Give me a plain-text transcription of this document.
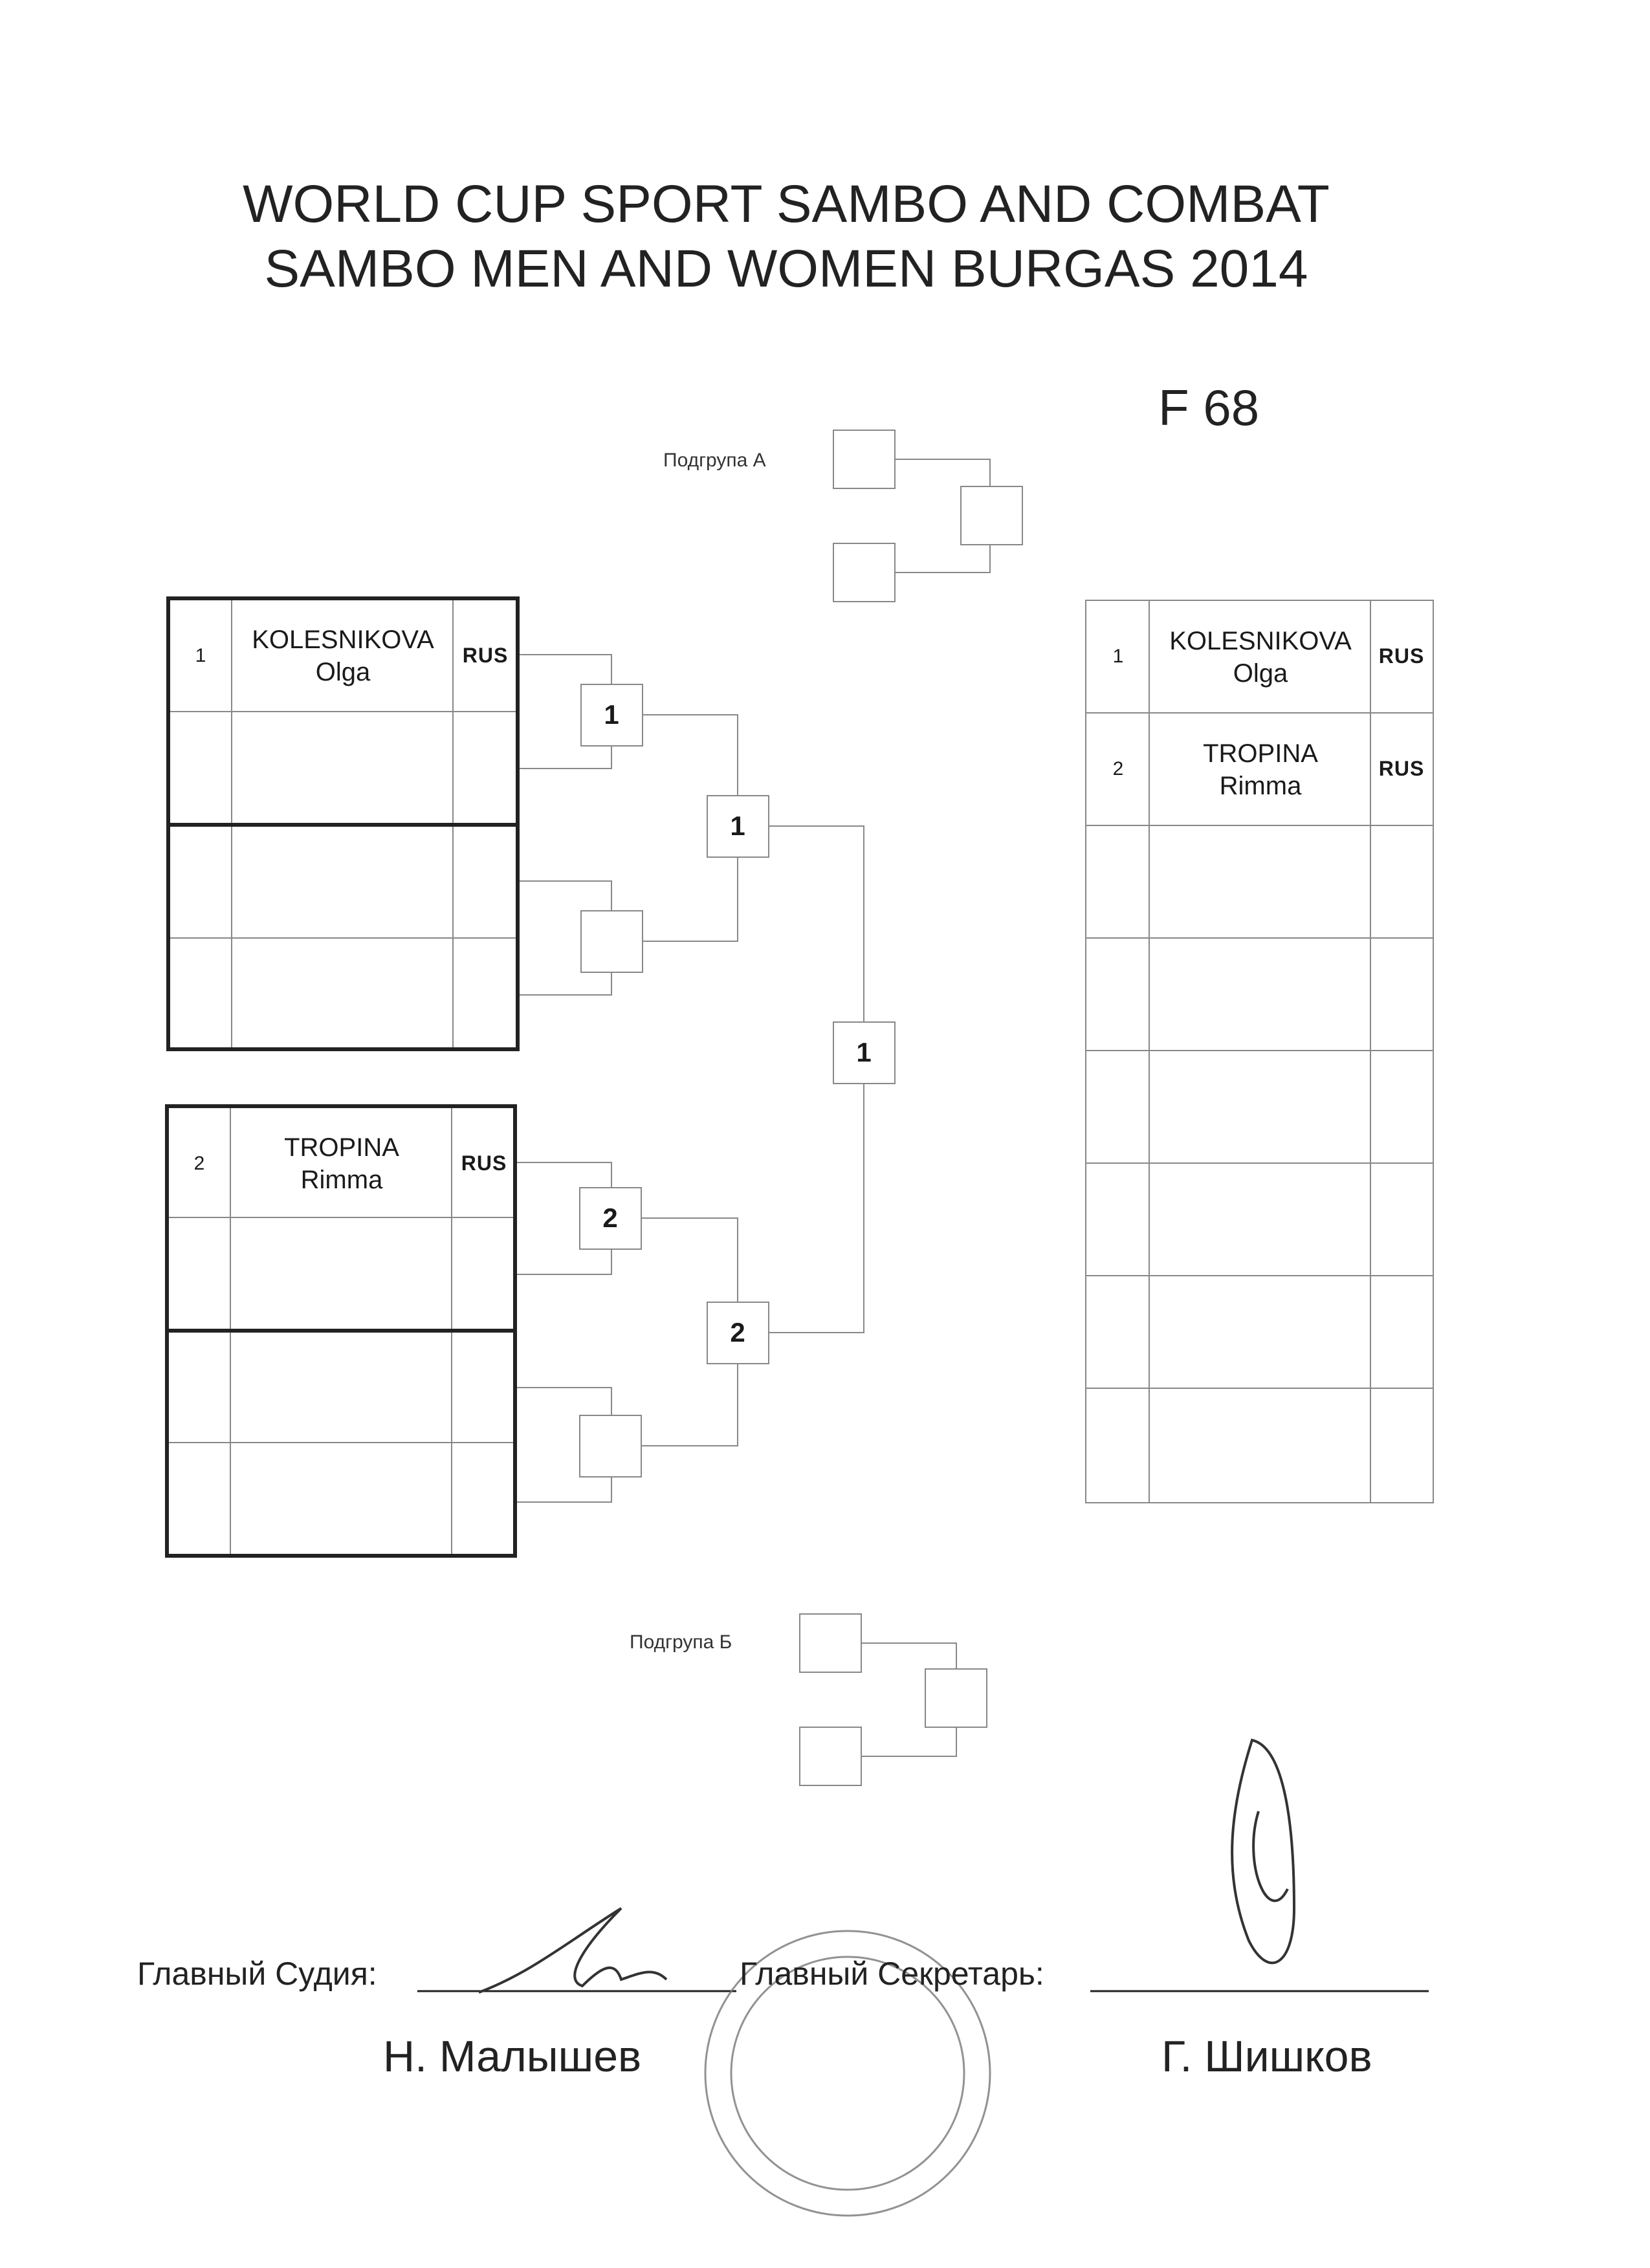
WORLD CUP SPORT SAMBO AND COMBAT
SAMBO MEN AND WOMEN BURGAS 2014
F 68
Подгрупа А
Подгрупа Б
1
KOLESNIKOVA
Olga
RUS
2
TROPINA
Rimma
RUS
1
2
1
2
1
1
KOLESNIKOVA
Olga
RUS
2
TROPINA
Rimma
RUS
Главный Судия:	Главный Секретарь:
Н. Малышев	Г. Шишков
